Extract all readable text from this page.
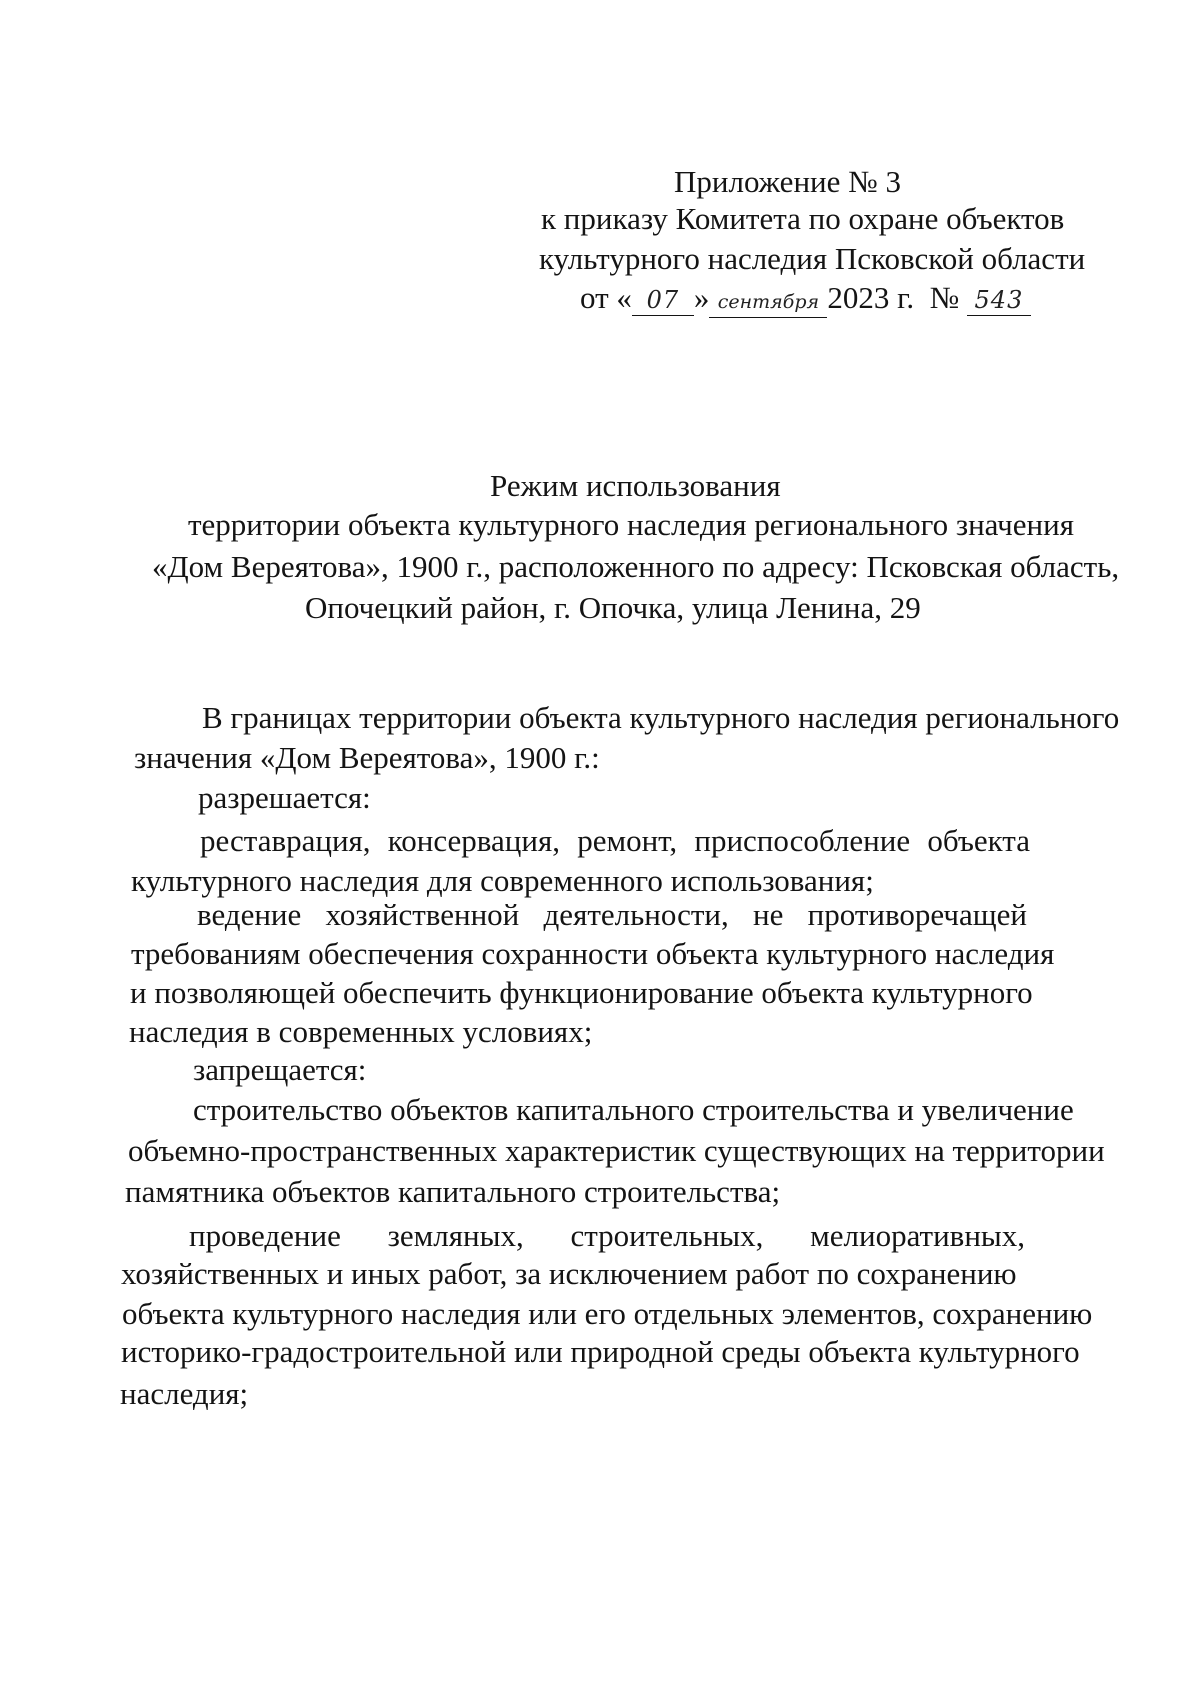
Приложение № 3
к приказу Комитета по охране объектов
культурного наследия Псковской области
от « 07 » сентября 2023 г. № 543
Режим использования
территории объекта культурного наследия регионального значения
«Дом Вереятова», 1900 г., расположенного по адресу: Псковская область,
Опочецкий район, г. Опочка, улица Ленина, 29
В границах территории объекта культурного наследия регионального
значения «Дом Вереятова», 1900 г.:
разрешается:
реставрация, консервация, ремонт, приспособление объекта
культурного наследия для современного использования;
ведение хозяйственной деятельности, не противоречащей
требованиям обеспечения сохранности объекта культурного наследия
и позволяющей обеспечить функционирование объекта культурного
наследия в современных условиях;
запрещается:
строительство объектов капитального строительства и увеличение
объемно-пространственных характеристик существующих на территории
памятника объектов капитального строительства;
проведение земляных, строительных, мелиоративных,
хозяйственных и иных работ, за исключением работ по сохранению
объекта культурного наследия или его отдельных элементов, сохранению
историко-градостроительной или природной среды объекта культурного
наследия;
